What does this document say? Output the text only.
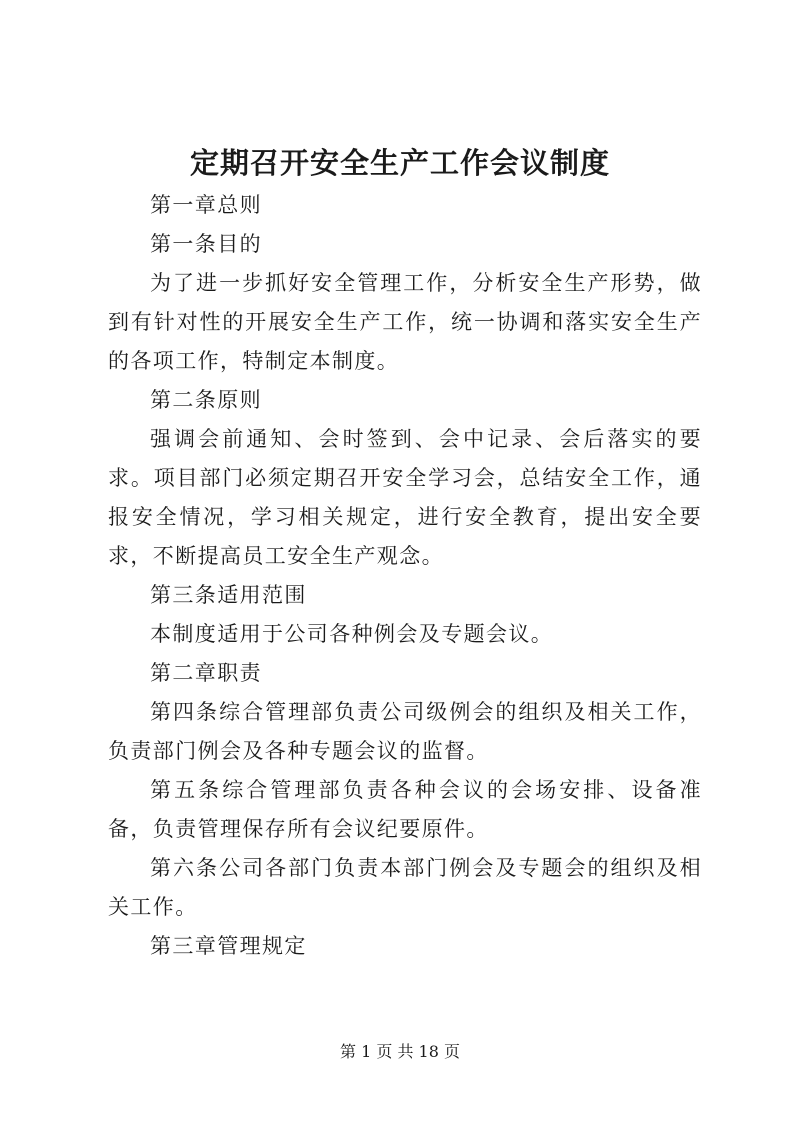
定期召开安全生产工作会议制度

第一章总则

第一条目的

为了进一步抓好安全管理工作，分析安全生产形势，做到有针对性的开展安全生产工作，统一协调和落实安全生产的各项工作，特制定本制度。

第二条原则

强调会前通知、会时签到、会中记录、会后落实的要求。项目部门必须定期召开安全学习会，总结安全工作，通报安全情况，学习相关规定，进行安全教育，提出安全要求，不断提高员工安全生产观念。

第三条适用范围

本制度适用于公司各种例会及专题会议。

第二章职责

第四条综合管理部负责公司级例会的组织及相关工作，负责部门例会及各种专题会议的监督。

第五条综合管理部负责各种会议的会场安排、设备准备，负责管理保存所有会议纪要原件。

第六条公司各部门负责本部门例会及专题会的组织及相关工作。

第三章管理规定

第 1 页 共 18 页
